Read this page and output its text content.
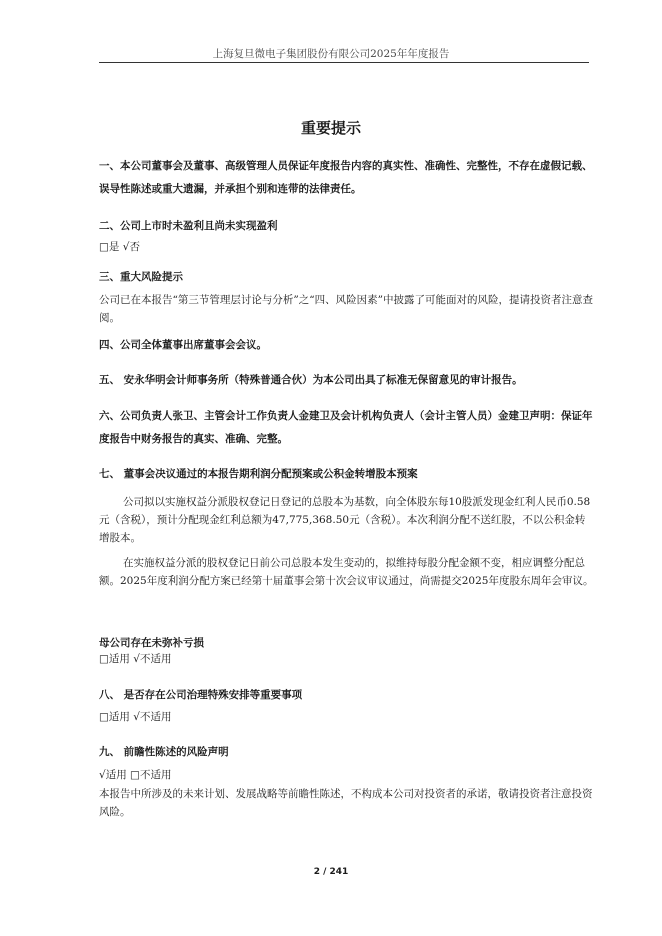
上海复旦微电子集团股份有限公司2025年年度报告
重要提示
一、本公司董事会及董事、高级管理人员保证年度报告内容的真实性、准确性、完整性，不存在虚假记载、误导性陈述或重大遗漏，并承担个别和连带的法律责任。
二、公司上市时未盈利且尚未实现盈利
□是 √否
三、重大风险提示
公司已在本报告“第三节管理层讨论与分析”之“四、风险因素”中披露了可能面对的风险，提请投资者注意查阅。
四、公司全体董事出席董事会会议。
五、 安永华明会计师事务所（特殊普通合伙）为本公司出具了标准无保留意见的审计报告。
六、公司负责人张卫、主管会计工作负责人金建卫及会计机构负责人（会计主管人员）金建卫声明：保证年度报告中财务报告的真实、准确、完整。
七、 董事会决议通过的本报告期利润分配预案或公积金转增股本预案
公司拟以实施权益分派股权登记日登记的总股本为基数，向全体股东每10股派发现金红利人民币0.58元（含税），预计分配现金红利总额为47,775,368.50元（含税）。本次利润分配不送红股，不以公积金转增股本。
在实施权益分派的股权登记日前公司总股本发生变动的，拟维持每股分配金额不变，相应调整分配总额。2025年度利润分配方案已经第十届董事会第十次会议审议通过，尚需提交2025年度股东周年会审议。
母公司存在未弥补亏损
□适用 √不适用
八、 是否存在公司治理特殊安排等重要事项
□适用 √不适用
九、 前瞻性陈述的风险声明
√适用 □不适用
本报告中所涉及的未来计划、发展战略等前瞻性陈述，不构成本公司对投资者的承诺，敬请投资者注意投资风险。
2 / 241
